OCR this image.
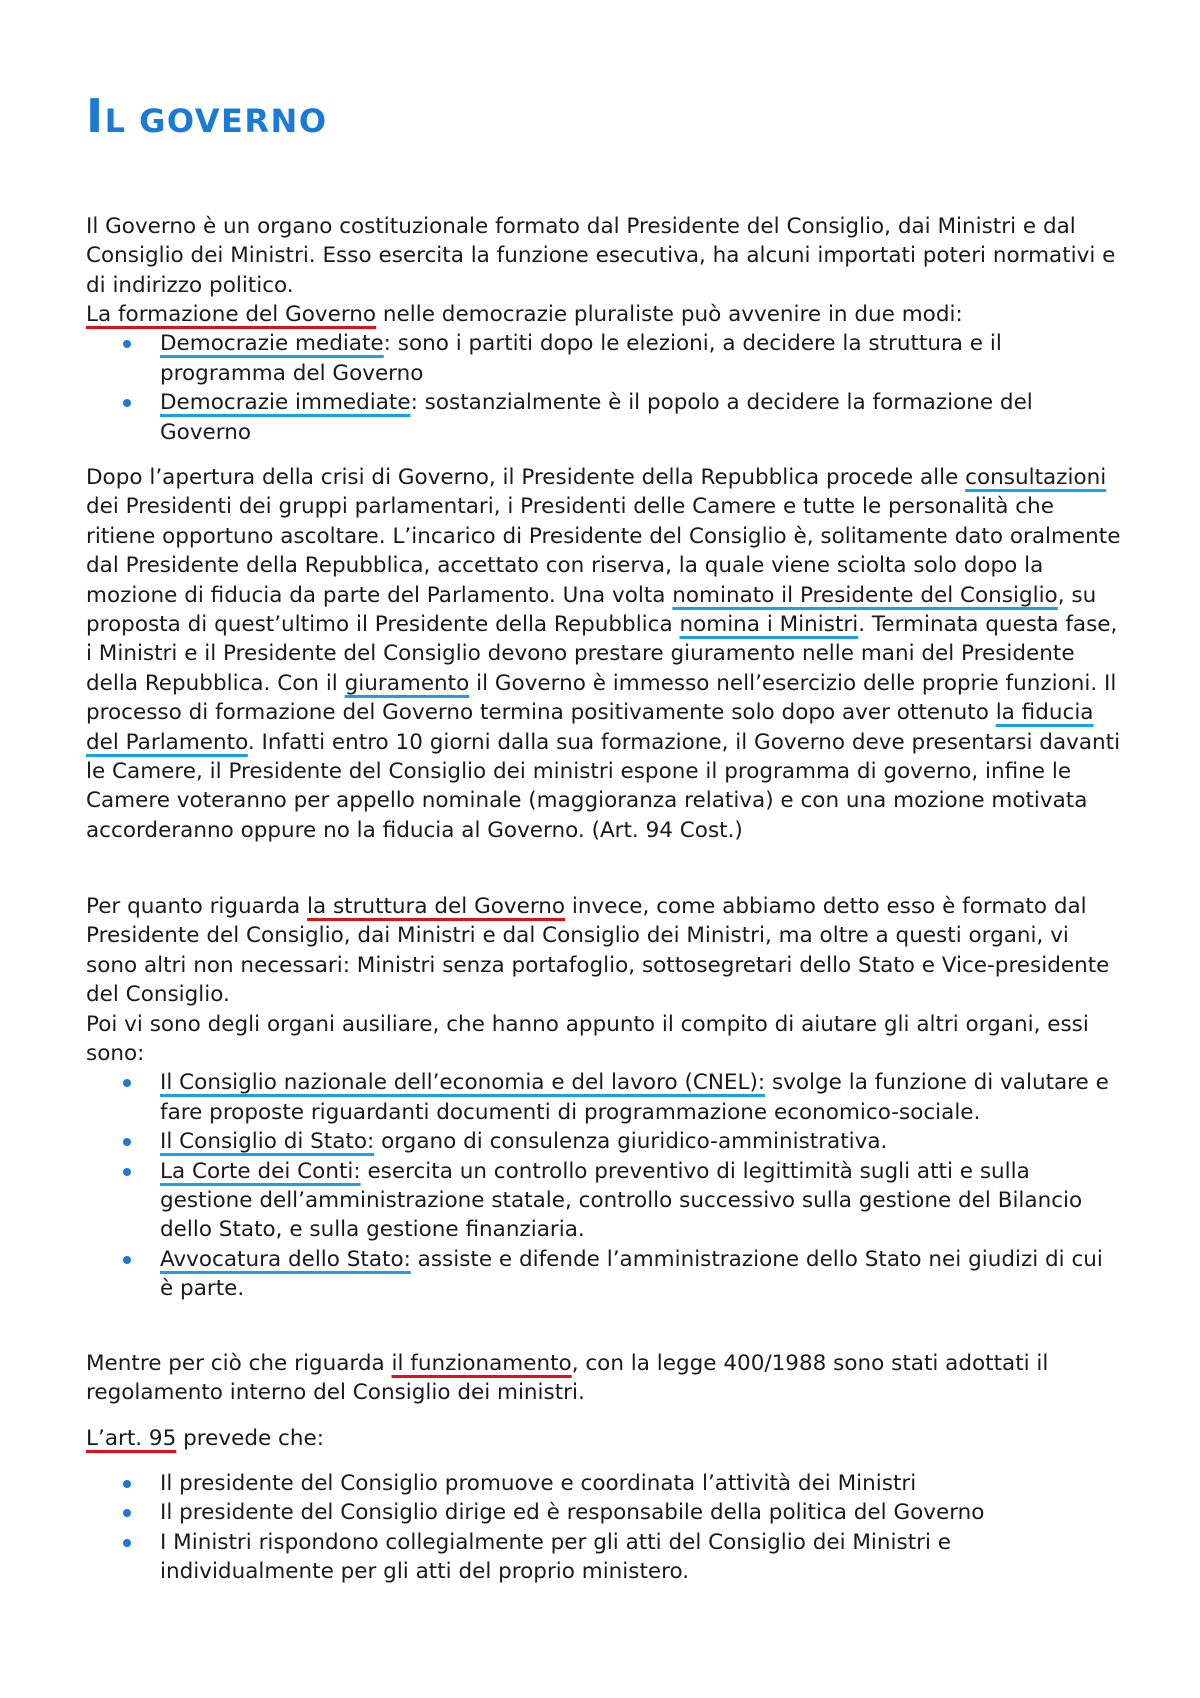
IL GOVERNO

Il Governo è un organo costituzionale formato dal Presidente del Consiglio, dai Ministri e dal Consiglio dei Ministri. Esso esercita la funzione esecutiva, ha alcuni importati poteri normativi e di indirizzo politico.

La formazione del Governo nelle democrazie pluraliste può avvenire in due modi:

Democrazie mediate: sono i partiti dopo le elezioni, a decidere la struttura e il programma del Governo
Democrazie immediate: sostanzialmente è il popolo a decidere la formazione del Governo

Dopo l’apertura della crisi di Governo, il Presidente della Repubblica procede alle consultazioni dei Presidenti dei gruppi parlamentari, i Presidenti delle Camere e tutte le personalità che ritiene opportuno ascoltare. L’incarico di Presidente del Consiglio è, solitamente dato oralmente dal Presidente della Repubblica, accettato con riserva, la quale viene sciolta solo dopo la mozione di fiducia da parte del Parlamento. Una volta nominato il Presidente del Consiglio, su proposta di quest’ultimo il Presidente della Repubblica nomina i Ministri. Terminata questa fase, i Ministri e il Presidente del Consiglio devono prestare giuramento nelle mani del Presidente della Repubblica. Con il giuramento il Governo è immesso nell’esercizio delle proprie funzioni. Il processo di formazione del Governo termina positivamente solo dopo aver ottenuto la fiducia del Parlamento. Infatti entro 10 giorni dalla sua formazione, il Governo deve presentarsi davanti le Camere, il Presidente del Consiglio dei ministri espone il programma di governo, infine le Camere voteranno per appello nominale (maggioranza relativa) e con una mozione motivata accorderanno oppure no la fiducia al Governo. (Art. 94 Cost.)

Per quanto riguarda la struttura del Governo invece, come abbiamo detto esso è formato dal Presidente del Consiglio, dai Ministri e dal Consiglio dei Ministri, ma oltre a questi organi, vi sono altri non necessari: Ministri senza portafoglio, sottosegretari dello Stato e Vice-presidente del Consiglio.

Poi vi sono degli organi ausiliare, che hanno appunto il compito di aiutare gli altri organi, essi sono:

Il Consiglio nazionale dell’economia e del lavoro (CNEL): svolge la funzione di valutare e fare proposte riguardanti documenti di programmazione economico-sociale.
Il Consiglio di Stato: organo di consulenza giuridico-amministrativa.
La Corte dei Conti: esercita un controllo preventivo di legittimità sugli atti e sulla gestione dell’amministrazione statale, controllo successivo sulla gestione del Bilancio dello Stato, e sulla gestione finanziaria.
Avvocatura dello Stato: assiste e difende l’amministrazione dello Stato nei giudizi di cui è parte.

Mentre per ciò che riguarda il funzionamento, con la legge 400/1988 sono stati adottati il regolamento interno del Consiglio dei ministri.

L’art. 95 prevede che:

Il presidente del Consiglio promuove e coordinata l’attività dei Ministri
Il presidente del Consiglio dirige ed è responsabile della politica del Governo
I Ministri rispondono collegialmente per gli atti del Consiglio dei Ministri e individualmente per gli atti del proprio ministero.
